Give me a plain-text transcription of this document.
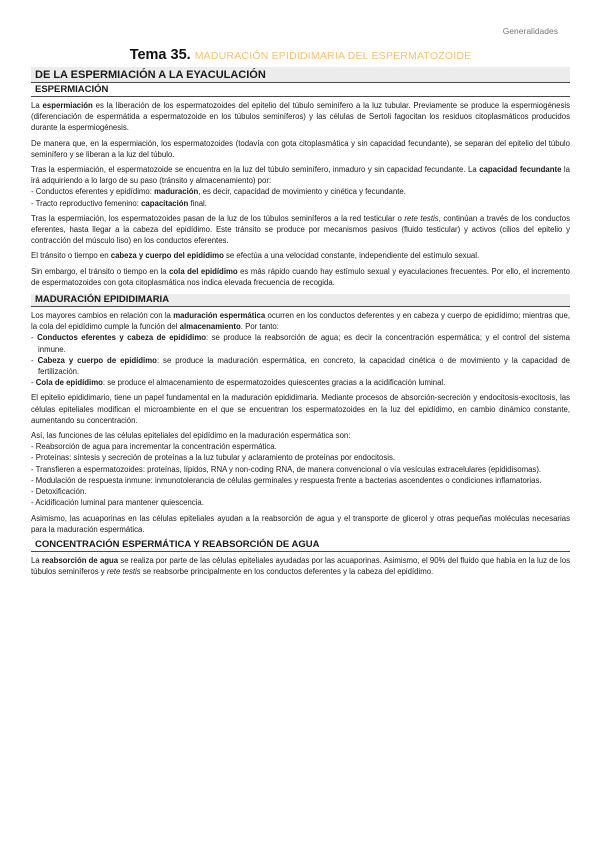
Generalidades
Tema 35. MADURACIÓN EPIDIDIMARIA DEL ESPERMATOZOIDE
DE LA ESPERMIACIÓN A LA EYACULACIÓN
ESPERMIACIÓN

La espermiación es la liberación de los espermatozoides del epitelio del túbulo seminífero a la luz tubular. Previamente se produce la espermiogénesis (diferenciación de espermátida a espermatozoide en los túbulos seminíferos) y las células de Sertoli fagocitan los residuos citoplasmáticos producidos durante la espermiogénesis.

De manera que, en la espermiación, los espermatozoides (todavía con gota citoplasmática y sin capacidad fecundante), se separan del epitelio del túbulo seminífero y se liberan a la luz del túbulo.

Tras la espermiación, el espermatozoide se encuentra en la luz del túbulo seminífero, inmaduro y sin capacidad fecundante. La capacidad fecundante la irá adquiriendo a lo largo de su paso (tránsito y almacenamiento) por:

- Conductos eferentes y epidídimo: maduración, es decir, capacidad de movimiento y cinética y fecundante.
- Tracto reproductivo femenino: capacitación final.

Tras la espermiación, los espermatozoides pasan de la luz de los túbulos seminíferos a la red testicular o rete testis, continúan a través de los conductos eferentes, hasta llegar a la cabeza del epidídimo. Este tránsito se produce por mecanismos pasivos (fluido testicular) y activos (cilios del epitelio y contracción del músculo liso) en los conductos eferentes.

El tránsito o tiempo en cabeza y cuerpo del epidídimo se efectúa a una velocidad constante, independiente del estímulo sexual.

Sin embargo, el tránsito o tiempo en la cola del epidídimo es más rápido cuando hay estímulo sexual y eyaculaciones frecuentes. Por ello, el incremento de espermatozoides con gota citoplasmática nos indica elevada frecuencia de recogida.

MADURACIÓN EPIDIDIMARIA

Los mayores cambios en relación con la maduración espermática ocurren en los conductos deferentes y en cabeza y cuerpo de epidídimo; mientras que, la cola del epidídimo cumple la función del almacenamiento. Por tanto:

- Conductos eferentes y cabeza de epidídimo: se produce la reabsorción de agua; es decir la concentración espermática; y el control del sistema inmune.
- Cabeza y cuerpo de epidídimo: se produce la maduración espermática, en concreto, la capacidad cinética o de movimiento y la capacidad de fertilización.
- Cola de epidídimo: se produce el almacenamiento de espermatozoides quiescentes gracias a la acidificación luminal.

El epitelio epididimario, tiene un papel fundamental en la maduración epididimaria. Mediante procesos de absorción-secreción y endocitosis-exocitosis, las células epiteliales modifican el microambiente en el que se encuentran los espermatozoides en la luz del epidídimo, en cambio dinámico constante, aumentando su concentración.

Así, las funciones de las células epiteliales del epidídimo en la maduración espermática son:

- Reabsorción de agua para incrementar la concentración espermática.
- Proteínas: síntesis y secreción de proteínas a la luz tubular y aclaramiento de proteínas por endocitosis.
- Transfieren a espermatozoides: proteínas, lípidos, RNA y non-coding RNA, de manera convencional o vía vesículas extracelulares (epididisomas).
- Modulación de respuesta inmune: inmunotolerancia de células germinales y respuesta frente a bacterias ascendentes o condiciones inflamatorias.
- Detoxificación.
- Acidificación luminal para mantener quiescencia.

Asimismo, las acuaporinas en las células epiteliales ayudan a la reabsorción de agua y el transporte de glicerol y otras pequeñas moléculas necesarias para la maduración espermática.

CONCENTRACIÓN ESPERMÁTICA Y REABSORCIÓN DE AGUA

La reabsorción de agua se realiza por parte de las células epiteliales ayudadas por las acuaporinas. Asimismo, el 90% del fluido que había en la luz de los túbulos seminíferos y rete testis se reabsorbe principalmente en los conductos deferentes y la cabeza del epidídimo.
